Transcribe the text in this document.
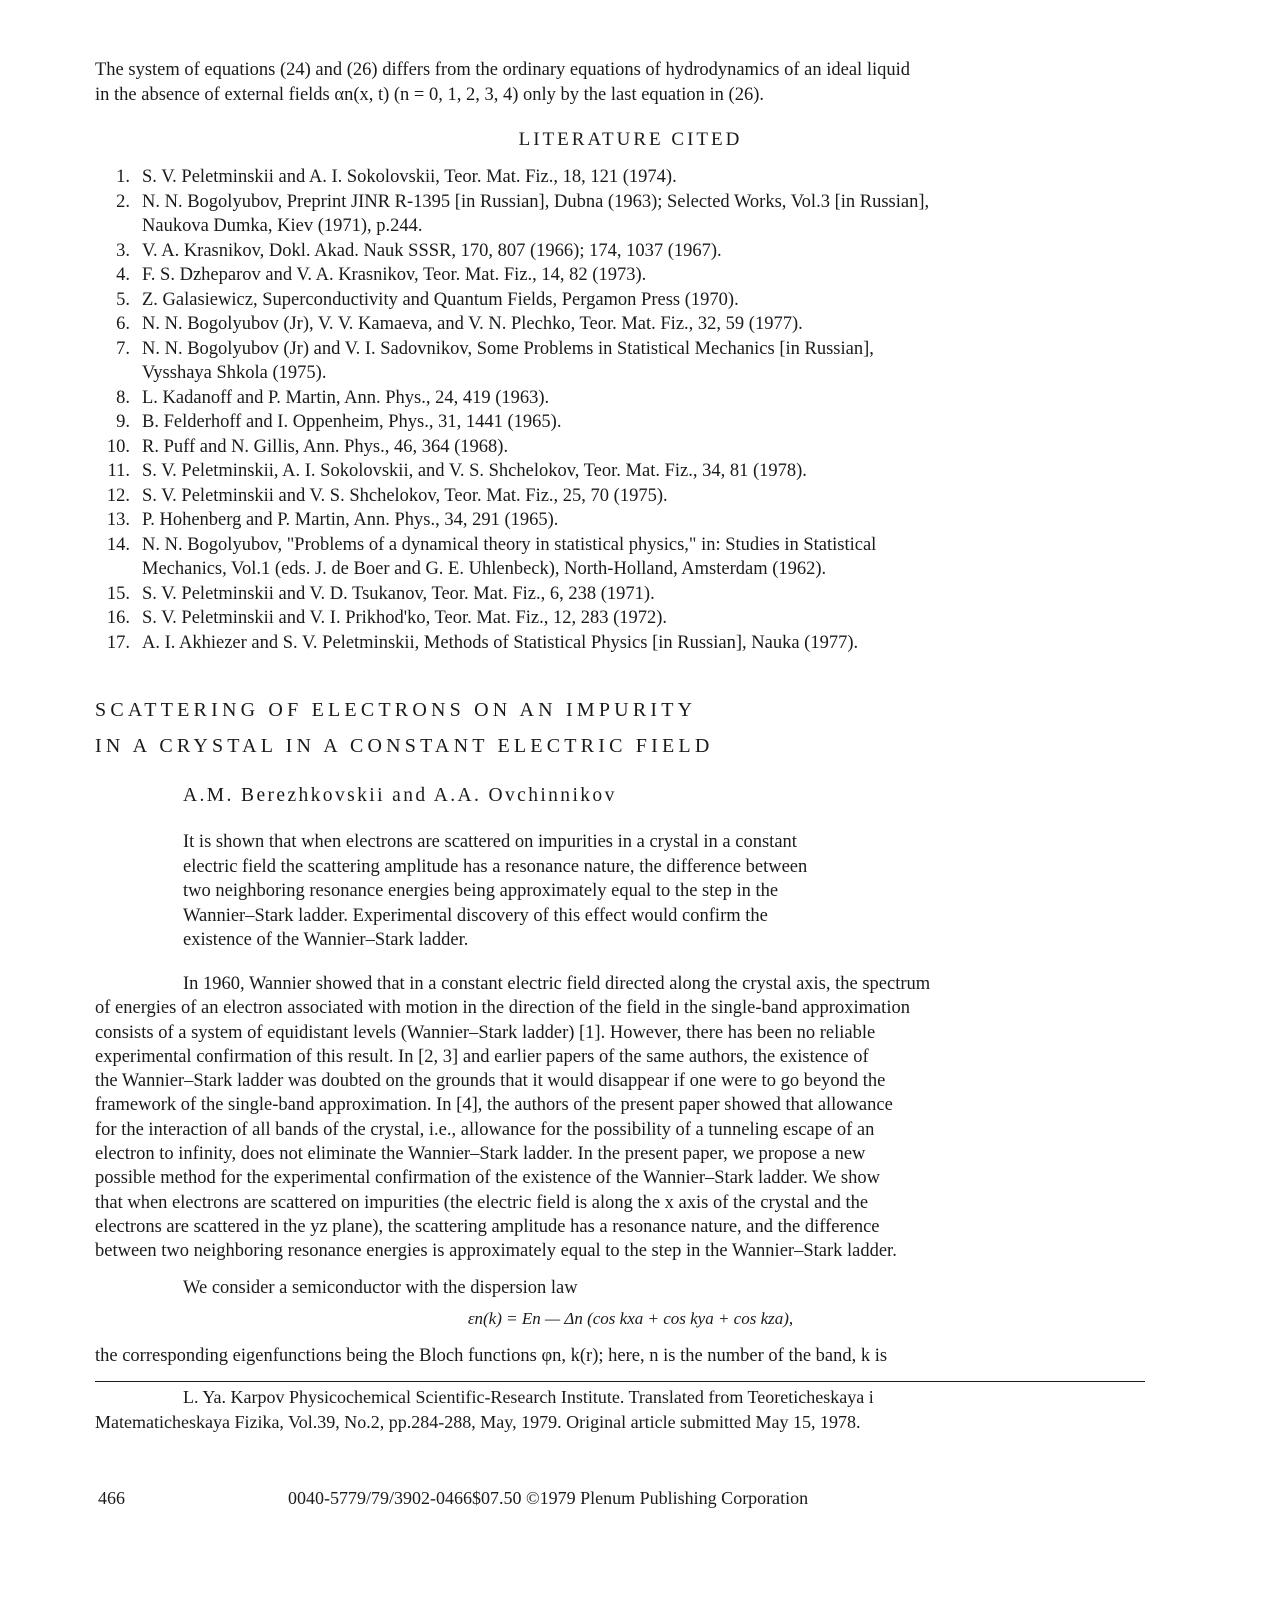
The system of equations (24) and (26) differs from the ordinary equations of hydrodynamics of an ideal liquid
in the absence of external fields αn(x, t) (n = 0, 1, 2, 3, 4) only by the last equation in (26).
LITERATURE CITED
1. S. V. Peletminskii and A. I. Sokolovskii, Teor. Mat. Fiz., 18, 121 (1974).
2. N. N. Bogolyubov, Preprint JINR R-1395 [in Russian], Dubna (1963); Selected Works, Vol.3 [in Russian],
Naukova Dumka, Kiev (1971), p.244.
3. V. A. Krasnikov, Dokl. Akad. Nauk SSSR, 170, 807 (1966); 174, 1037 (1967).
4. F. S. Dzheparov and V. A. Krasnikov, Teor. Mat. Fiz., 14, 82 (1973).
5. Z. Galasiewicz, Superconductivity and Quantum Fields, Pergamon Press (1970).
6. N. N. Bogolyubov (Jr), V. V. Kamaeva, and V. N. Plechko, Teor. Mat. Fiz., 32, 59 (1977).
7. N. N. Bogolyubov (Jr) and V. I. Sadovnikov, Some Problems in Statistical Mechanics [in Russian],
Vysshaya Shkola (1975).
8. L. Kadanoff and P. Martin, Ann. Phys., 24, 419 (1963).
9. B. Felderhoff and I. Oppenheim, Phys., 31, 1441 (1965).
10. R. Puff and N. Gillis, Ann. Phys., 46, 364 (1968).
11. S. V. Peletminskii, A. I. Sokolovskii, and V. S. Shchelokov, Teor. Mat. Fiz., 34, 81 (1978).
12. S. V. Peletminskii and V. S. Shchelokov, Teor. Mat. Fiz., 25, 70 (1975).
13. P. Hohenberg and P. Martin, Ann. Phys., 34, 291 (1965).
14. N. N. Bogolyubov, "Problems of a dynamical theory in statistical physics," in: Studies in Statistical
Mechanics, Vol.1 (eds. J. de Boer and G. E. Uhlenbeck), North-Holland, Amsterdam (1962).
15. S. V. Peletminskii and V. D. Tsukanov, Teor. Mat. Fiz., 6, 238 (1971).
16. S. V. Peletminskii and V. I. Prikhod'ko, Teor. Mat. Fiz., 12, 283 (1972).
17. A. I. Akhiezer and S. V. Peletminskii, Methods of Statistical Physics [in Russian], Nauka (1977).
SCATTERING OF ELECTRONS ON AN IMPURITY
IN A CRYSTAL IN A CONSTANT ELECTRIC FIELD
A.M. Berezhkovskii and A.A. Ovchinnikov
It is shown that when electrons are scattered on impurities in a crystal in a constant
electric field the scattering amplitude has a resonance nature, the difference between
two neighboring resonance energies being approximately equal to the step in the
Wannier–Stark ladder. Experimental discovery of this effect would confirm the
existence of the Wannier–Stark ladder.
In 1960, Wannier showed that in a constant electric field directed along the crystal axis, the spectrum
of energies of an electron associated with motion in the direction of the field in the single-band approximation
consists of a system of equidistant levels (Wannier–Stark ladder) [1]. However, there has been no reliable
experimental confirmation of this result. In [2, 3] and earlier papers of the same authors, the existence of
the Wannier–Stark ladder was doubted on the grounds that it would disappear if one were to go beyond the
framework of the single-band approximation. In [4], the authors of the present paper showed that allowance
for the interaction of all bands of the crystal, i.e., allowance for the possibility of a tunneling escape of an
electron to infinity, does not eliminate the Wannier–Stark ladder. In the present paper, we propose a new
possible method for the experimental confirmation of the existence of the Wannier–Stark ladder. We show
that when electrons are scattered on impurities (the electric field is along the x axis of the crystal and the
electrons are scattered in the yz plane), the scattering amplitude has a resonance nature, and the difference
between two neighboring resonance energies is approximately equal to the step in the Wannier–Stark ladder.
We consider a semiconductor with the dispersion law
εn(k) = En — Δn (cos kxa + cos kya + cos kza),
the corresponding eigenfunctions being the Bloch functions φn, k(r); here, n is the number of the band, k is
L. Ya. Karpov Physicochemical Scientific-Research Institute. Translated from Teoreticheskaya i
Matematicheskaya Fizika, Vol.39, No.2, pp.284-288, May, 1979. Original article submitted May 15, 1978.
466	0040-5779/79/3902-0466$07.50 ©1979 Plenum Publishing Corporation
